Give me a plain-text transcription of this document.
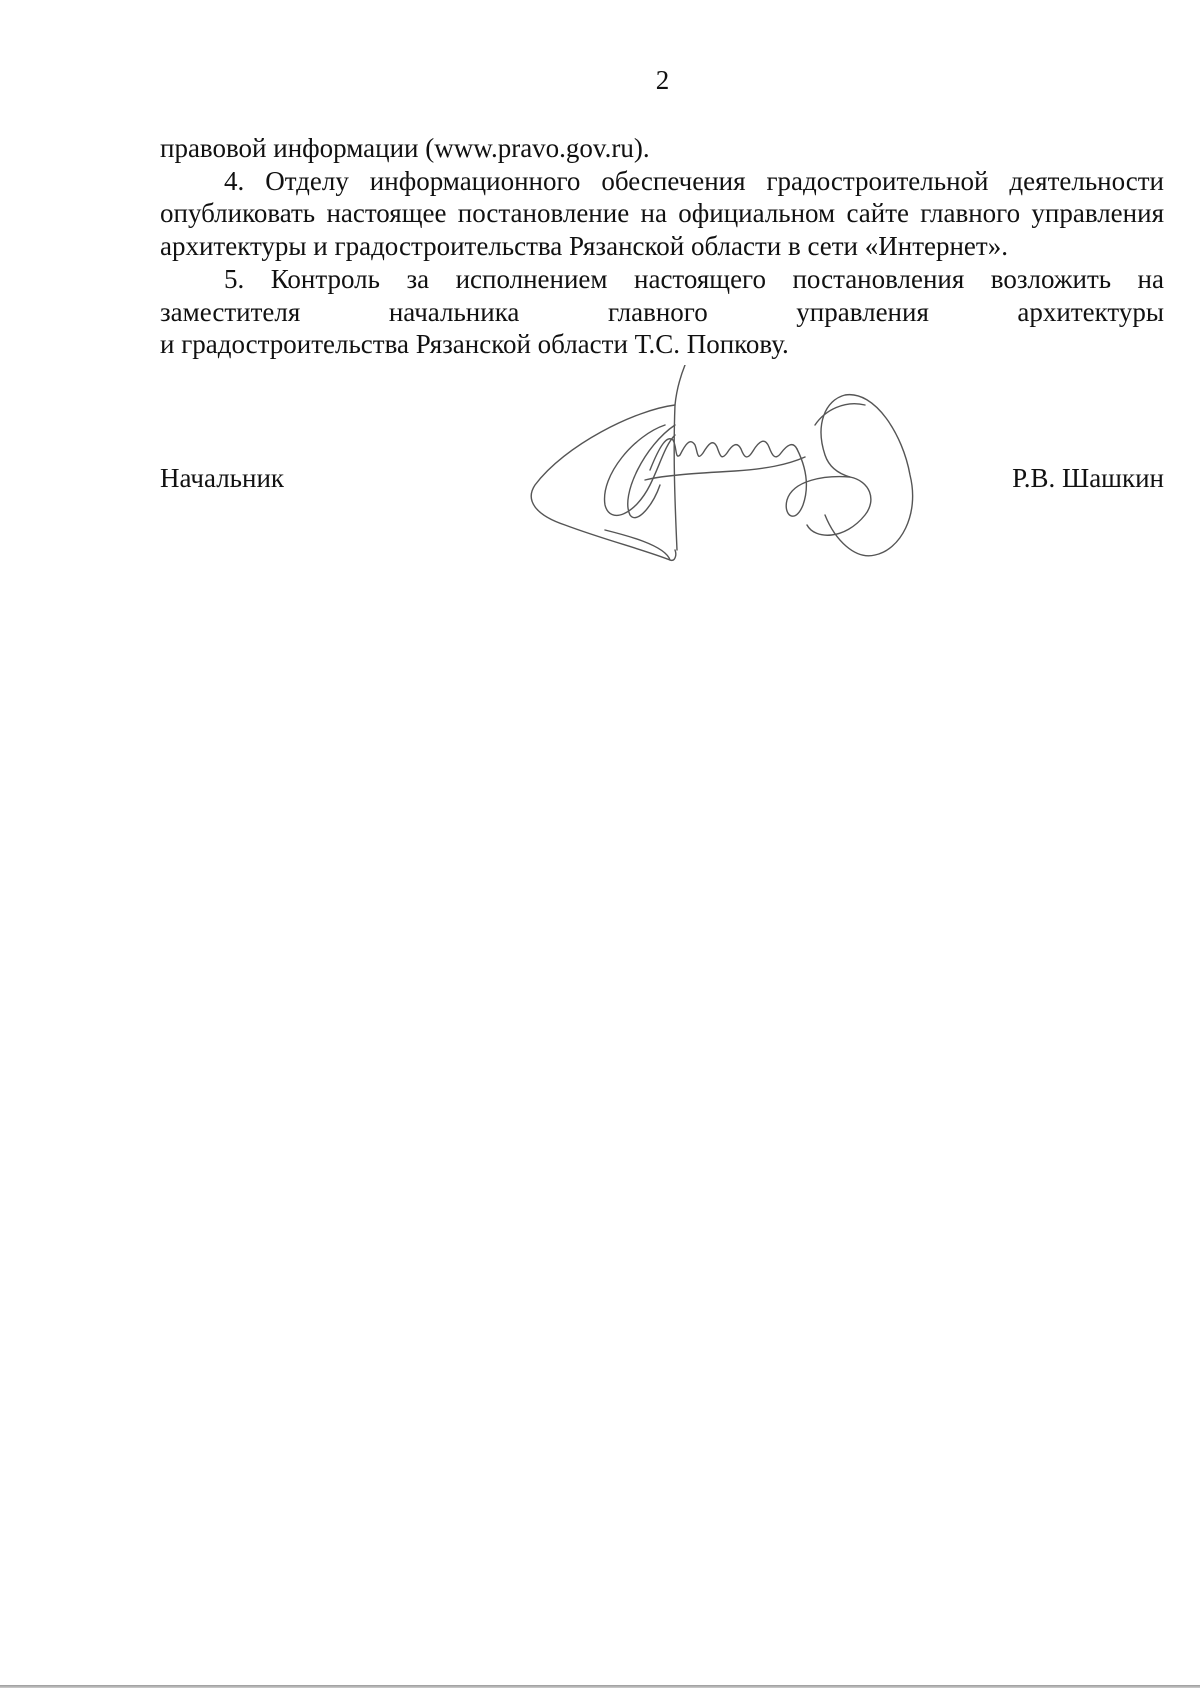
2

правовой информации (www.pravo.gov.ru).

4. Отделу информационного обеспечения градостроительной деятельности опубликовать настоящее постановление на официальном сайте главного управления архитектуры и градостроительства Рязанской области в сети «Интернет».

5. Контроль за исполнением настоящего постановления возложить на заместителя начальника главного управления архитектуры

и градостроительства Рязанской области Т.С. Попкову.

Начальник	Р.В. Шашкин
